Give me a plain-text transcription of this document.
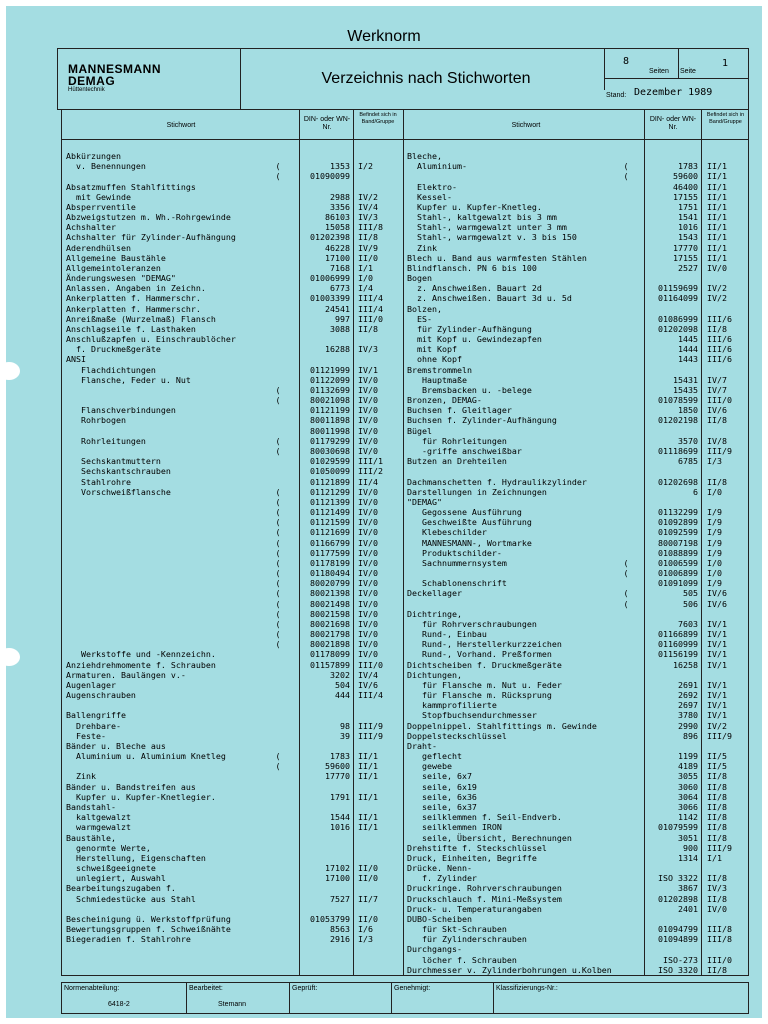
Werknorm
MANNESMANN
DEMAG
Hüttentechnik
Verzeichnis nach Stichworten
8
Seiten Seite
1
Stand: Dezember 1989
Stichwort
DIN- oder WN-Nr.
Befindet sich in Band/Gruppe
Stichwort
DIN- oder WN-Nr.
Befindet sich in Band/Gruppe
Abkürzungen
v. Benennungen	(	1353 I/2
(	01090099
Absatzmuffen Stahlfittings
mit Gewinde	2988 IV/2
Absperrventile	3356 IV/4
Abzweigstutzen m. Wh.-Rohrgewinde	86103 IV/3
Achshalter	15058 III/8
Achshalter für Zylinder-Aufhängung	01202398 II/8
Aderendhülsen	46228 IV/9
Allgemeine Baustähle	17100 II/0
Allgemeintoleranzen	7168 I/1
Änderungswesen "DEMAG"	01006999 I/0
Anlassen. Angaben in Zeichn.	6773 I/4
Ankerplatten f. Hammerschr.	01003399 III/4
Ankerplatten f. Hammerschr.	24541 III/4
Anreißmaße (Wurzelmaß) Flansch	997 III/0
Anschlagseile f. Lasthaken	3088 II/8
Anschlußzapfen u. Einschraublöcher
f. Druckmeßgeräte	16288 IV/3
ANSI
Flachdichtungen	01121999 IV/1
Flansche, Feder u. Nut	01122099 IV/0
(	01132699 IV/0
(	80021098 IV/0
Flanschverbindungen	01121199 IV/0
Rohrbogen	80011898 IV/0
80011998 IV/0
Rohrleitungen	(	01179299 IV/0
(	80030698 IV/0
Sechskantmuttern	01029599 III/1
Sechskantschrauben	01050099 III/2
Stahlrohre	01121899 II/4
Vorschweißflansche	(	01121299 IV/0
(	01121399 IV/0
(	01121499 IV/0
(	01121599 IV/0
(	01121699 IV/0
(	01166799 IV/0
(	01177599 IV/0
(	01178199 IV/0
(	01180494 IV/0
(	80020799 IV/0
(	80021398 IV/0
(	80021498 IV/0
(	80021598 IV/0
(	80021698 IV/0
(	80021798 IV/0
(	80021898 IV/0
Werkstoffe und -Kennzeichn.	01178099 IV/0
Anziehdrehmomente f. Schrauben	01157899 III/0
Armaturen. Baulängen v.-	3202 IV/4
Augenlager	504 IV/6
Augenschrauben	444 III/4
Ballengriffe
Drehbare-	98 III/9
Feste-	39 III/9
Bänder u. Bleche aus
Aluminium u. Aluminium Knetleg	(	1783 II/1
(	59600 II/1
Zink	17770 II/1
Bänder u. Bandstreifen aus
Kupfer u. Kupfer-Knetlegier.	1791 II/1
Bandstahl-
kaltgewalzt	1544 II/1
warmgewalzt	1016 II/1
Baustähle,
genormte Werte,
Herstellung, Eigenschaften
schweißgeeignete	17102 II/0
unlegiert, Auswahl	17100 II/0
Bearbeitungszugaben f.
Schmiedestücke aus Stahl	7527 II/7
Bescheinigung ü. Werkstoffprüfung	01053799 II/0
Bewertungsgruppen f. Schweißnähte	8563 I/6
Biegeradien f. Stahlrohre	2916 I/3
Bleche,
Aluminium-	(	1783 II/1
(	59600 II/1
Elektro-	46400 II/1
Kessel-	17155 II/1
Kupfer u. Kupfer-Knetleg.	1751 II/1
Stahl-, kaltgewalzt bis 3 mm	1541 II/1
Stahl-, warmgewalzt unter 3 mm	1016 II/1
Stahl-, warmgewalzt v. 3 bis 150	1543 II/1
Zink	17770 II/1
Blech u. Band aus warmfesten Stählen	17155 II/1
Blindflansch. PN 6 bis 100	2527 IV/0
Bogen
z. Anschweißen. Bauart 2d	01159699 IV/2
z. Anschweißen. Bauart 3d u. 5d	01164099 IV/2
Bolzen,
ES-	01086999 III/6
für Zylinder-Aufhängung	01202098 II/8
mit Kopf u. Gewindezapfen	1445 III/6
mit Kopf	1444 III/6
ohne Kopf	1443 III/6
Bremstrommeln
Hauptmaße	15431 IV/7
Bremsbacken u. -belege	15435 IV/7
Bronzen, DEMAG-	01078599 III/0
Buchsen f. Gleitlager	1850 IV/6
Buchsen f. Zylinder-Aufhängung	01202198 II/8
Bügel
für Rohrleitungen	3570 IV/8
-griffe anschweißbar	01118699 III/9
Butzen an Drehteilen	6785 I/3
Dachmanschetten f. Hydraulikzylinder	01202698 II/8
Darstellungen in Zeichnungen	6 I/0
"DEMAG"
Gegossene Ausführung	01132299 I/9
Geschweißte Ausführung	01092899 I/9
Klebeschilder	01092599 I/9
MANNESMANN-, Wortmarke	80007198 I/9
Produktschilder-	01088899 I/9
Sachnummernsystem	(	01006599 I/0
(	01006899 I/0
Schablonenschrift	01091099 I/9
Deckellager	(	505 IV/6
(	506 IV/6
Dichtringe,
für Rohrverschraubungen	7603 IV/1
Rund-, Einbau	01166899 IV/1
Rund-, Herstellerkurzzeichen	01160999 IV/1
Rund-, Vorhand. Preßformen	01156199 IV/1
Dichtscheiben f. Druckmeßgeräte	16258 IV/1
Dichtungen,
für Flansche m. Nut u. Feder	2691 IV/1
für Flansche m. Rücksprung	2692 IV/1
kammprofilierte	2697 IV/1
Stopfbuchsendurchmesser	3780 IV/1
Doppelnippel. Stahlfittings m. Gewinde	2990 IV/2
Doppelsteckschlüssel	896 III/9
Draht-
geflecht	1199 II/5
gewebe	4189 II/5
seile, 6x7	3055 II/8
seile, 6x19	3060 II/8
seile, 6x36	3064 II/8
seile, 6x37	3066 II/8
seilklemmen f. Seil-Endverb.	1142 II/8
seilklemmen IRON	01079599 II/8
seile, Übersicht, Berechnungen	3051 II/8
Drehstifte f. Steckschlüssel	900 III/9
Druck, Einheiten, Begriffe	1314 I/1
Drücke. Nenn-
f. Zylinder	ISO 3322 II/8
Druckringe. Rohrverschraubungen	3867 IV/3
Druckschlauch f. Mini-Meßsystem	01202898 II/8
Druck- u. Temperaturangaben	2401 IV/0
DUBO-Scheiben
für Skt-Schrauben	01094799 III/8
für Zylinderschrauben	01094899 III/8
Durchgangs-
löcher f. Schrauben	ISO-273 III/0
Durchmesser v. Zylinderbohrungen u.Kolben	ISO 3320 II/8
Normenabteilung:
6418-2
Bearbeitet:
Stemann
Geprüft:	Genehmigt:	Klassifizierungs-Nr.:
